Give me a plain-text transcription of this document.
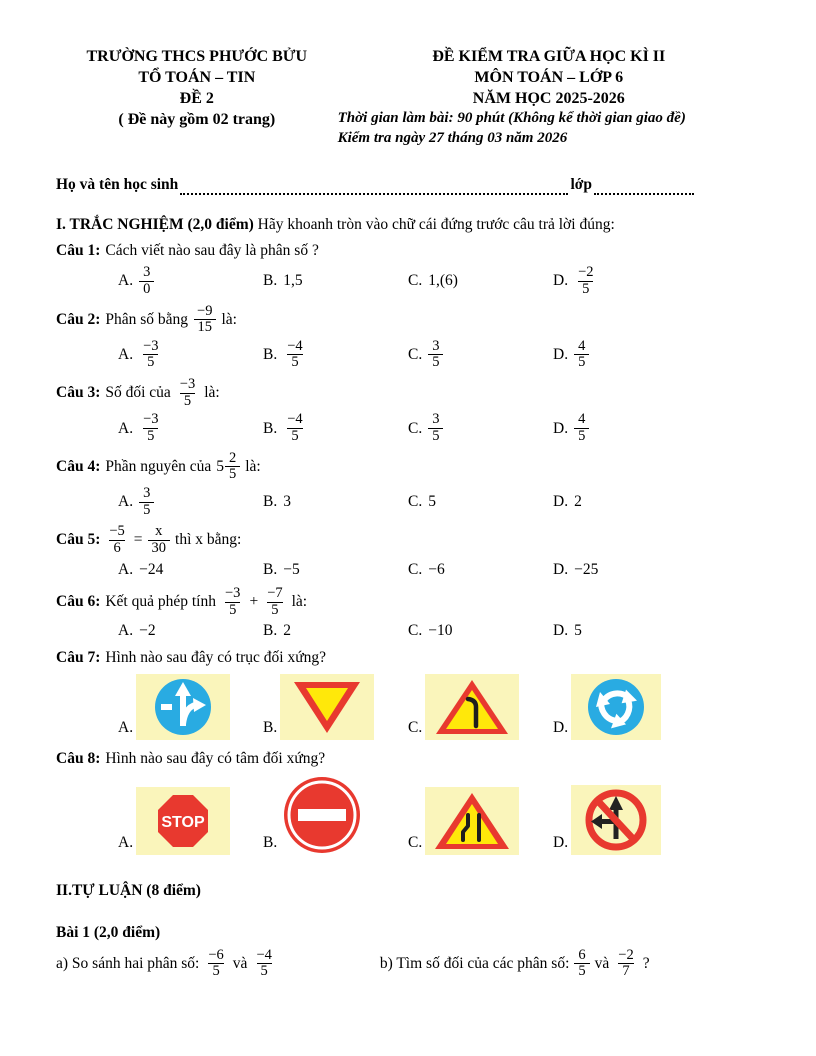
TRƯỜNG THCS PHƯỚC BỬU
TỔ TOÁN – TIN
ĐỀ 2
( Đề này gồm 02 trang)
ĐỀ KIỂM TRA GIỮA HỌC KÌ II
MÔN TOÁN – LỚP 6
NĂM HỌC 2025-2026
Thời gian làm bài: 90 phút (Không kể thời gian giao đề)
Kiểm tra ngày 27 tháng 03 năm 2026
Họ và tên học sinh	lớp
I. TRẮC NGHIỆM (2,0 điểm) Hãy khoanh tròn vào chữ cái đứng trước câu trả lời đúng:
Câu 1: Cách viết nào sau đây là phân số ?
A. $\frac{3}{0}$	B. 1,5	C. 1,(6)	D. $\frac{-2}{5}$
Câu 2: Phân số bằng $\frac{-9}{15}$ là:
A. $\frac{-3}{5}$	B. $\frac{-4}{5}$	C. $\frac{3}{5}$	D. $\frac{4}{5}$
Câu 3: Số đối của $\frac{-3}{5}$ là:
A. $\frac{-3}{5}$	B. $\frac{-4}{5}$	C. $\frac{3}{5}$	D. $\frac{4}{5}$
Câu 4: Phần nguyên của $5 \frac{2}{5}$ là:
A. $\frac{3}{5}$	B. 3	C. 5	D. 2
Câu 5: $\frac{-5}{6} = \frac{x}{30}$ thì x bằng:
A. −24	B. −5	C. −6	D. −25
Câu 6: Kết quả phép tính $\frac{-3}{5} + \frac{-7}{5}$ là:
A. −2	B. 2	C. −10	D. 5
Câu 7: Hình nào sau đây có trục đối xứng?
A.	B.	C.	D.
Câu 8: Hình nào sau đây có tâm đối xứng?
A.
STOP
B.	C.	D.
II.TỰ LUẬN (8 điểm)
Bài 1 (2,0 điểm)
a) So sánh hai phân số: $\frac{-6}{5}$ và $\frac{-4}{5}$	b) Tìm số đối của các phân số: $\frac{6}{5}$ và $\frac{-2}{7}$ ?
